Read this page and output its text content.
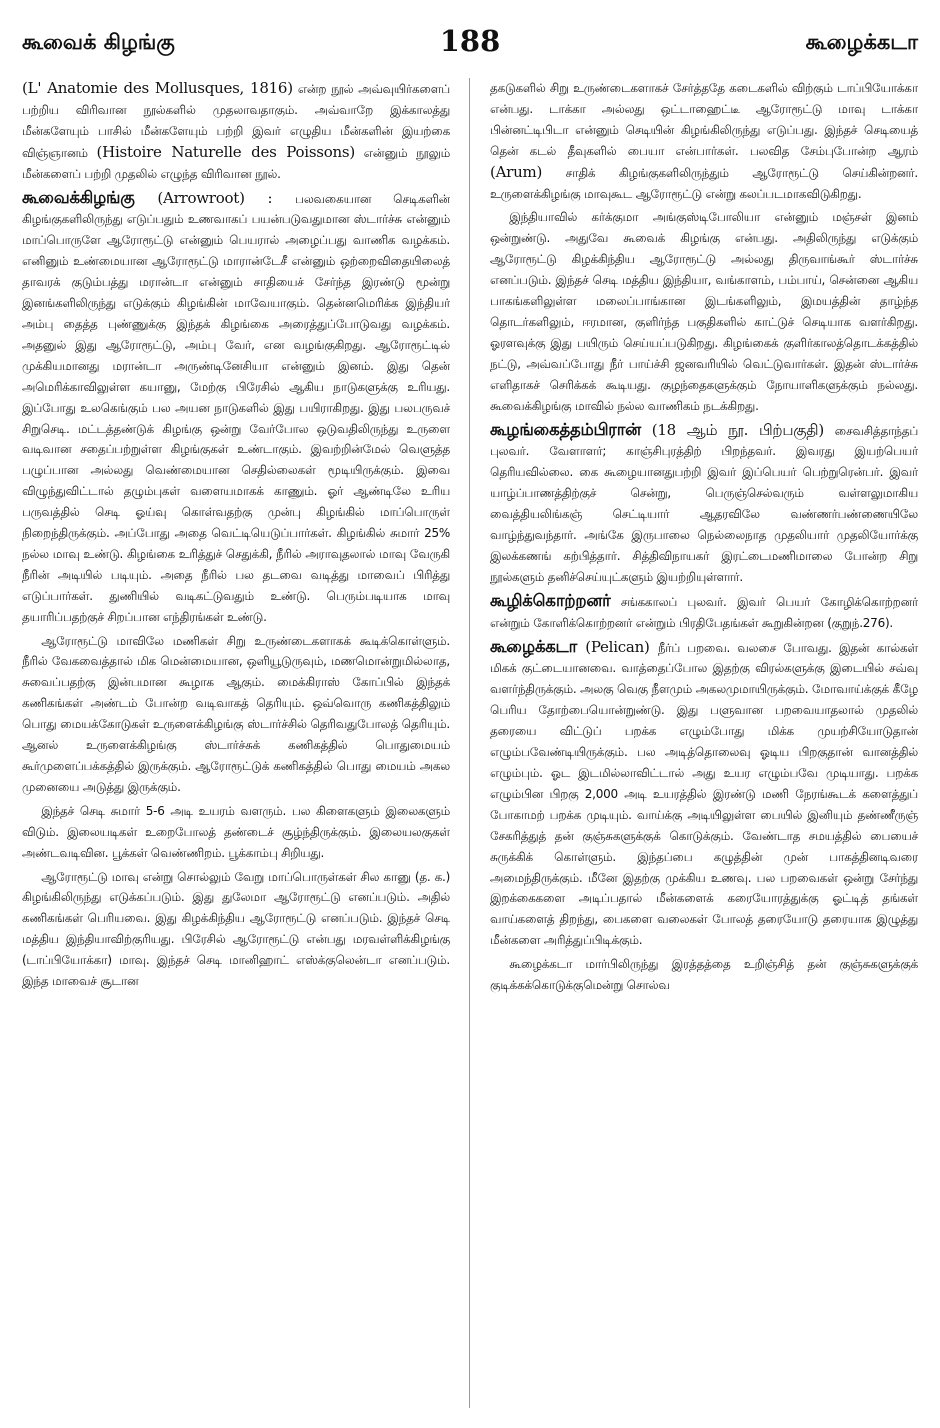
கூவைக் கிழங்கு	188	கூழைக்கடா

(L' Anatomie des Mollusques, 1816) என்ற நூல் அவ்வுயிர்களைப் பற்றிய விரிவான நூல்களில் முதலாவதாகும். அவ்வாறே இக்காலத்து மீன்களேயும் பாசில் மீன்களேயும் பற்றி இவர் எழுதிய மீன்களின் இயற்கை விஞ்ஞானம் (Histoire Naturelle des Poissons) என்னும் நூலும் மீன்களைப் பற்றி முதலில் எழுந்த விரிவான நூல்.

கூவைக்கிழங்கு (Arrowroot) : பலவகையான செடிகளின் கிழங்குகளிலிருந்து எடுப்பதும் உணவாகப் பயன்படுவதுமான ஸ்டார்ச்சு என்னும் மாப்பொருளே ஆரோரூட்டு என்னும் பெயரால் அழைப்பது வாணிக வழக்கம். எனினும் உண்மையான ஆரோரூட்டு மாரான்டேசீ என்னும் ஒற்றைவிதையிலைத் தாவரக் குடும்பத்து மரான்டா என்னும் சாதியைச் சேர்ந்த இரண்டு மூன்று இனங்களிலிருந்து எடுக்கும் கிழங்கின் மாவேயாகும். தென்னமெரிக்க இந்தியர் அம்பு தைத்த புண்ணுக்கு இந்தக் கிழங்கை அரைத்துப்போடுவது வழக்கம். அதனுல் இது ஆரோரூட்டு, அம்பு வேர், என வழங்குகிறது. ஆரோரூட்டில் முக்கியமானது மரான்டா அருண்டினேசியா என்னும் இனம். இது தென் அமெரிக்காவிலுள்ள கயானு, மேற்கு பிரேசில் ஆகிய நாடுகளுக்கு உரியது. இப்போது உலகெங்கும் பல அயன நாடுகளில் இது பயிராகிறது. இது பலபருவச் சிறுசெடி. மட்டத்தண்டுக் கிழங்கு ஒன்று வேர்போல ஒடுவதிலிருந்து உருளை வடிவான சதைப்பற்றுள்ள கிழங்குகள் உண்டாகும். இவற்றின்மேல் வெளுத்த பழுப்பான அல்லது வெண்மையான செதில்லைகள் மூடியிருக்கும். இவை விழுந்துவிட்டால் தழும்புகள் வளையமாகக் காணும். ஓர் ஆண்டிலே உரிய பருவத்தில் செடி ஓய்வு கொள்வதற்கு முன்பு கிழங்கில் மாப்பொருள் நிறைந்திருக்கும். அப்போது அதை வெட்டியெடுப்பார்கள். கிழங்கில் சுமார் 25% நல்ல மாவு உண்டு. கிழங்கை உரித்துச் செதுக்கி, நீரில் அராவுதலால் மாவு வேருகி நீரின் அடியில் படியும். அதை நீரில் பல தடவை வடித்து மாவைப் பிரித்து எடுப்பார்கள். துணியில் வடிகட்டுவதும் உண்டு. பெரும்படியாக மாவு தயாரிப்பதற்குச் சிறப்பான எந்திரங்கள் உண்டு.

ஆரோரூட்டு மாவிலே மணிகள் சிறு உருண்டைகளாகக் கூடிக்கொள்ளும். நீரில் வேகவைத்தால் மிக மென்மையான, ஒளியூடுருவும், மணமொன்றுமில்லாத, சுவைப்பதற்கு இன்பமான கூழாக ஆகும். மைக்கிராஸ் கோப்பில் இந்தக் கணிகங்கள் அண்டம் போன்ற வடிவாகத் தெரியும். ஒவ்வொரு கணிகத்திலும் பொது மையக்கோடுகள் உருளைக்கிழங்கு ஸ்டார்ச்சில் தெரிவதுபோலத் தெரியும். ஆனல் உருளைக்கிழங்கு ஸ்டார்ச்சுக் கணிகத்தில் பொதுமையம் கூர்முளைப்பக்கத்தில் இருக்கும். ஆரோரூட்டுக் கணிகத்தில் பொது மையம் அகல முனையை அடுத்து இருக்கும்.

இந்தச் செடி சுமார் 5-6 அடி உயரம் வளரும். பல கிளைகளும் இலைகளும் விடும். இலையடிகள் உறைபோலத் தண்டைச் சூழ்ந்திருக்கும். இலையலகுகள் அண்டவடிவின. பூக்கள் வெண்ணிறம். பூக்காம்பு சிறியது.

ஆரோரூட்டு மாவு என்று சொல்லும் வேறு மாப்பொருள்கள் சில கானு (த. க.) கிழங்கிலிருந்து எடுக்கப்படும். இது துலேமா ஆரோரூட்டு எனப்படும். அதில் கணிகங்கள் பெரியவை. இது கிழக்கிந்திய ஆரோரூட்டு எனப்படும். இந்தச் செடி மத்திய இந்தியாவிற்குரியது. பிரேசில் ஆரோரூட்டு என்பது மரவள்ளிக்கிழங்கு (டாப்பியோக்கா) மாவு. இந்தச் செடி மானிஹாட் எஸ்க்குலென்டா எனப்படும். இந்த மாவைச் சூடான

தகடுகளில் சிறு உருண்டைகளாகச் சேர்த்ததே கடைகளில் விற்கும் டாப்பியோக்கா என்பது. டாக்கா அல்லது ஒட்டாஹைட்டீ ஆரோரூட்டு மாவு டாக்கா பின்னட்டிபிடா என்னும் செடியின் கிழங்கிலிருந்து எடுப்பது. இந்தச் செடியைத் தென் கடல் தீவுகளில் பையா என்பார்கள். பலவித சேம்புபோன்ற ஆரம் (Arum) சாதிக் கிழங்குகளிலிருந்தும் ஆரோரூட்டு செய்கின்றனர். உருளைக்கிழங்கு மாவுகூட ஆரோரூட்டு என்று கலப்படமாகவிடுகிறது.

இந்தியாவில் கர்க்குமா அங்குஸ்டிபோலியா என்னும் மஞ்சள் இனம் ஒன்றுண்டு. அதுவே கூவைக் கிழங்கு என்பது. அதிலிருந்து எடுக்கும் ஆரோரூட்டு கிழக்கிந்திய ஆரோரூட்டு அல்லது திருவாங்கூர் ஸ்டார்ச்சு எனப்படும். இந்தச் செடி மத்திய இந்தியா, வங்காளம், பம்பாய், சென்னை ஆகிய பாகங்களிலுள்ள மலைப்பாங்கான இடங்களிலும், இமயத்தின் தாழ்ந்த தொடர்களிலும், ஈரமான, குளிர்ந்த பகுதிகளில் காட்டுச் செடியாக வளர்கிறது. ஓரளவுக்கு இது பயிரும் செய்யப்படுகிறது. கிழங்கைக் குளிர்காலத்தொடக்கத்தில் நட்டு, அவ்வப்போது நீர் பாய்ச்சி ஜனவரியில் வெட்டுவார்கள். இதன் ஸ்டார்ச்சு எளிதாகச் செரிக்கக் கூடியது. குழந்தைகளுக்கும் நோயாளிகளுக்கும் நல்லது. கூவைக்கிழங்கு மாவில் நல்ல வாணிகம் நடக்கிறது.

கூழங்கைத்தம்பிரான் (18 ஆம் நூ. பிற்பகுதி) சைவசித்தாந்தப் புலவர். வேளாளர்; காஞ்சிபுரத்திற் பிறந்தவர். இவரது இயற்பெயர் தெரியவில்லை. கை கூழையானதுபற்றி இவர் இப்பெயர் பெற்றுரென்பர். இவர் யாழ்ப்பாணத்திற்குச் சென்று, பெருஞ்செல்வரும் வள்ளலுமாகிய வைத்தியலிங்கஞ் செட்டியார் ஆதரவிலே வண்ணர்பண்ணையிலே வாழ்ந்துவந்தார். அங்கே இருபாலை நெல்லைநாத முதலியார் முதலியோர்க்கு இலக்கணங் கற்பித்தார். சித்திவிநாயகர் இரட்டைமணிமாலை போன்ற சிறு நூல்களும் தனிச்செய்யுட்களும் இயற்றியுள்ளார்.

கூழிக்கொற்றனர் சங்ககாலப் புலவர். இவர் பெயர் கோழிக்கொற்றனர் என்றும் கோளிக்கொற்றனர் என்றும் பிரதிபேதங்கள் கூறுகின்றன (குறுந்.276).

கூழைக்கடா (Pelican) நீர்ப் பறவை. வலசை போவது. இதன் கால்கள் மிகக் குட்டையானவை. வாத்தைப்போல இதற்கு விரல்களுக்கு இடையில் சவ்வு வளர்ந்திருக்கும். அலகு வெகு நீளமும் அகலமுமாயிருக்கும். மோவாய்க்குக் கீழே பெரிய தோற்பையொன்றுண்டு. இது பளுவான பறவையாதலால் முதலில் தரையை விட்டுப் பறக்க எழும்போது மிக்க முயற்சியோடுதான் எழும்பவேண்டியிருக்கும். பல அடித்தொலைவு ஓடிய பிறகுதான் வானத்தில் எழும்பும். ஓட இடமில்லாவிட்டால் அது உயர எழும்பவே முடியாது. பறக்க எழும்பின பிறகு 2,000 அடி உயரத்தில் இரண்டு மணி நேரங்கூடக் களைத்துப் போகாமற் பறக்க முடியும். வாய்க்கு அடியிலுள்ள பையில் இனியும் தண்ணீருஞ் சேகரித்துத் தன் குஞ்சுகளுக்குக் கொடுக்கும். வேண்டாத சமயத்தில் பையைச் சுருக்கிக் கொள்ளும். இந்தப்பை கழுத்தின் முன் பாகத்தினடிவரை அமைந்திருக்கும். மீனே இதற்கு முக்கிய உணவு. பல பறவைகள் ஒன்று சேர்ந்து இறக்கைகளை அடிப்பதால் மீன்களைக் கரையோரத்துக்கு ஓட்டித் தங்கள் வாய்களைத் திறந்து, பைகளை வலைகள் போலத் தரையோடு தரையாக இழுத்து மீன்களை அரித்துப்பிடிக்கும்.

கூழைக்கடா மார்பிலிருந்து இரத்தத்தை உறிஞ்சித் தன் குஞ்சுகளுக்குக் குடிக்கக்கொடுக்குமென்று சொல்வ
